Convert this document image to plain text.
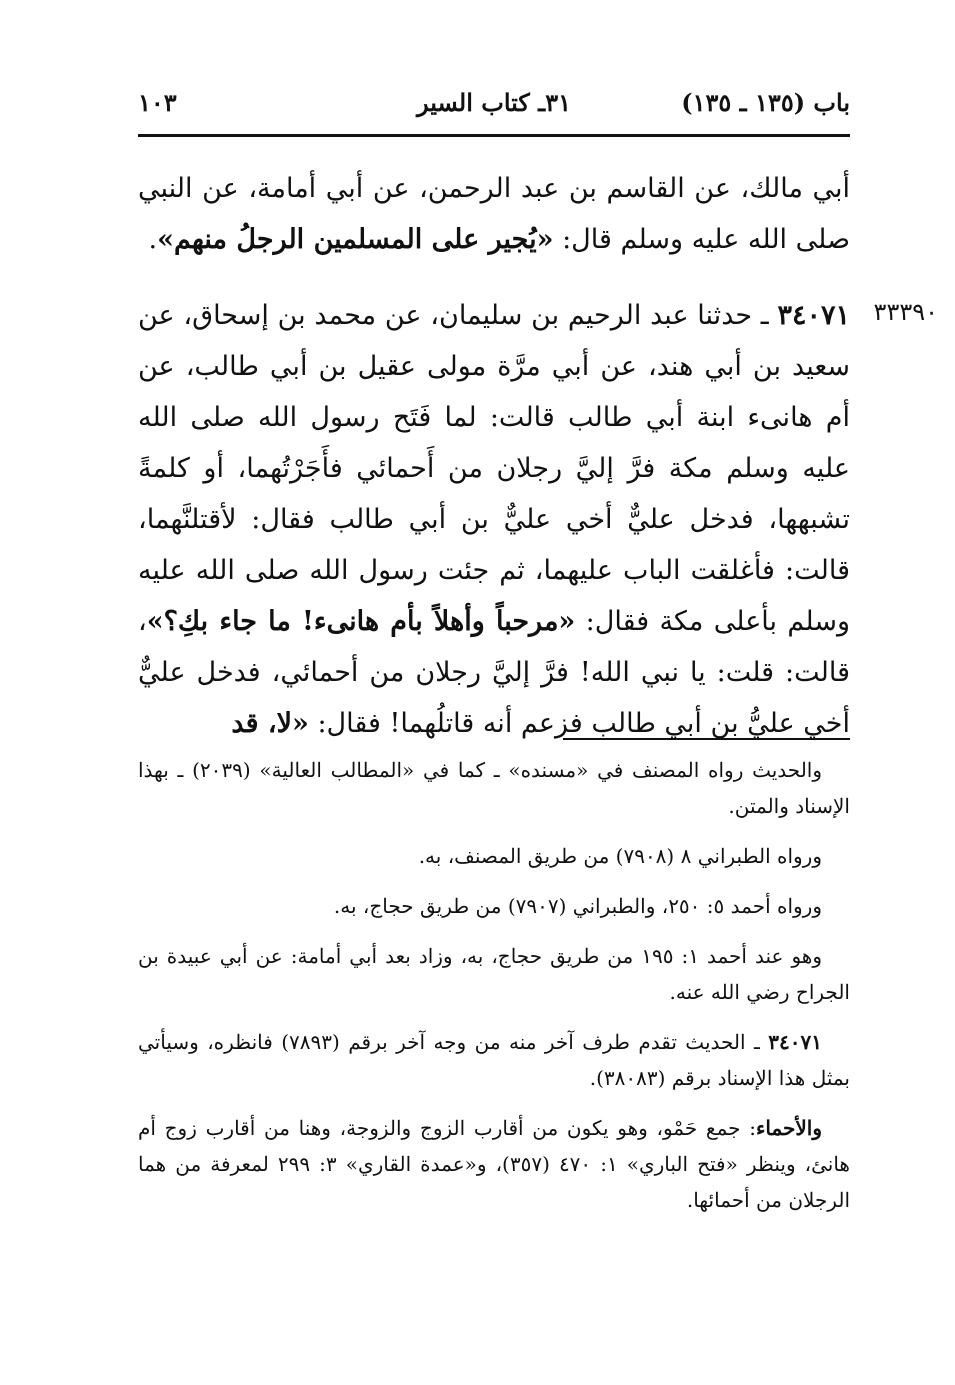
باب (١٣٥ ـ ١٣٥)
٣١ـ كتاب السير
١٠٣
أبي مالك، عن القاسم بن عبد الرحمن، عن أبي أمامة، عن النبي صلى الله عليه وسلم قال: «يُجير على المسلمين الرجلُ منهم».
٣٣٣٩٠
٣٤٠٧١ ـ حدثنا عبد الرحيم بن سليمان، عن محمد بن إسحاق، عن سعيد بن أبي هند، عن أبي مرَّة مولى عقيل بن أبي طالب، عن أم هانىء ابنة أبي طالب قالت: لما فَتَح رسول الله صلى الله عليه وسلم مكة فرَّ إليَّ رجلان من أَحمائي فأَجَرْتُهما، أو كلمةً تشبهها، فدخل عليٌّ أخي عليٌّ بن أبي طالب فقال: لأقتلنَّهما، قالت: فأغلقت الباب عليهما، ثم جئت رسول الله صلى الله عليه وسلم بأعلى مكة فقال: «مرحباً وأهلاً بأم هانىء! ما جاء بكِ؟»، قالت: قلت: يا نبي الله! فرَّ إليَّ رجلان من أحمائي، فدخل عليٌّ أخي عليُّ بن أبي طالب فزعم أنه قاتلُهما! فقال: «لا، قد

والحديث رواه المصنف في «مسنده» ـ كما في «المطالب العالية» (٢٠٣٩) ـ بهذا الإسناد والمتن.

ورواه الطبراني ٨ (٧٩٠٨) من طريق المصنف، به.

ورواه أحمد ٥: ٢٥٠، والطبراني (٧٩٠٧) من طريق حجاج، به.

وهو عند أحمد ١: ١٩٥ من طريق حجاج، به، وزاد بعد أبي أمامة: عن أبي عبيدة بن الجراح رضي الله عنه.

٣٤٠٧١ ـ الحديث تقدم طرف آخر منه من وجه آخر برقم (٧٨٩٣) فانظره، وسيأتي بمثل هذا الإسناد برقم (٣٨٠٨٣).

والأحماء: جمع حَمْو، وهو يكون من أقارب الزوج والزوجة، وهنا من أقارب زوج أم هانئ، وينظر «فتح الباري» ١: ٤٧٠ (٣٥٧)، و«عمدة القاري» ٣: ٢٩٩ لمعرفة من هما الرجلان من أحمائها.
